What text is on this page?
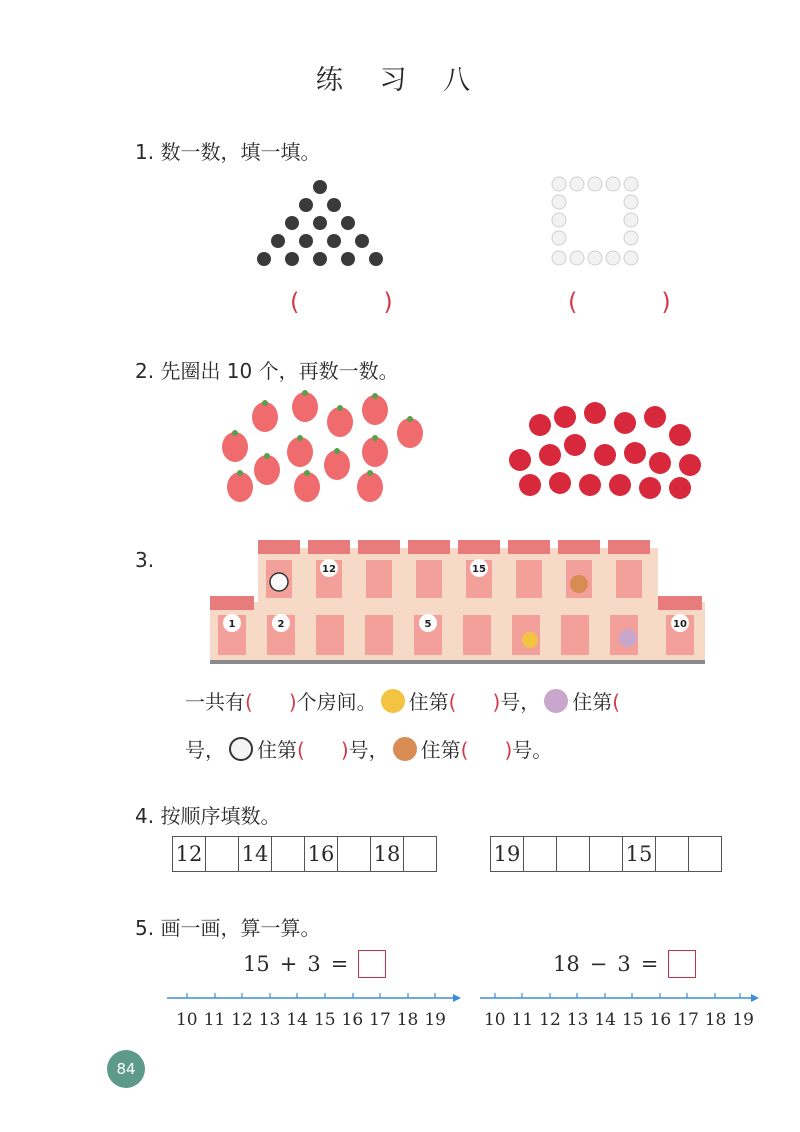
练 习 八
1. 数一数，填一填。
(　)	(　)
2. 先圈出 10 个，再数一数。
3.	12	15
1	2	5	10
一共有( )个房间。 住第( )号， 住第(
号， 住第( )号， 住第( )号。
4. 按顺序填数。
12 14 16 18	19	15
5. 画一画，算一算。
15 + 3 =	18 − 3 =
10 11 12 13 14 15 16 17 18 19 10 11 12 13 14 15 16 17 18 19
84
